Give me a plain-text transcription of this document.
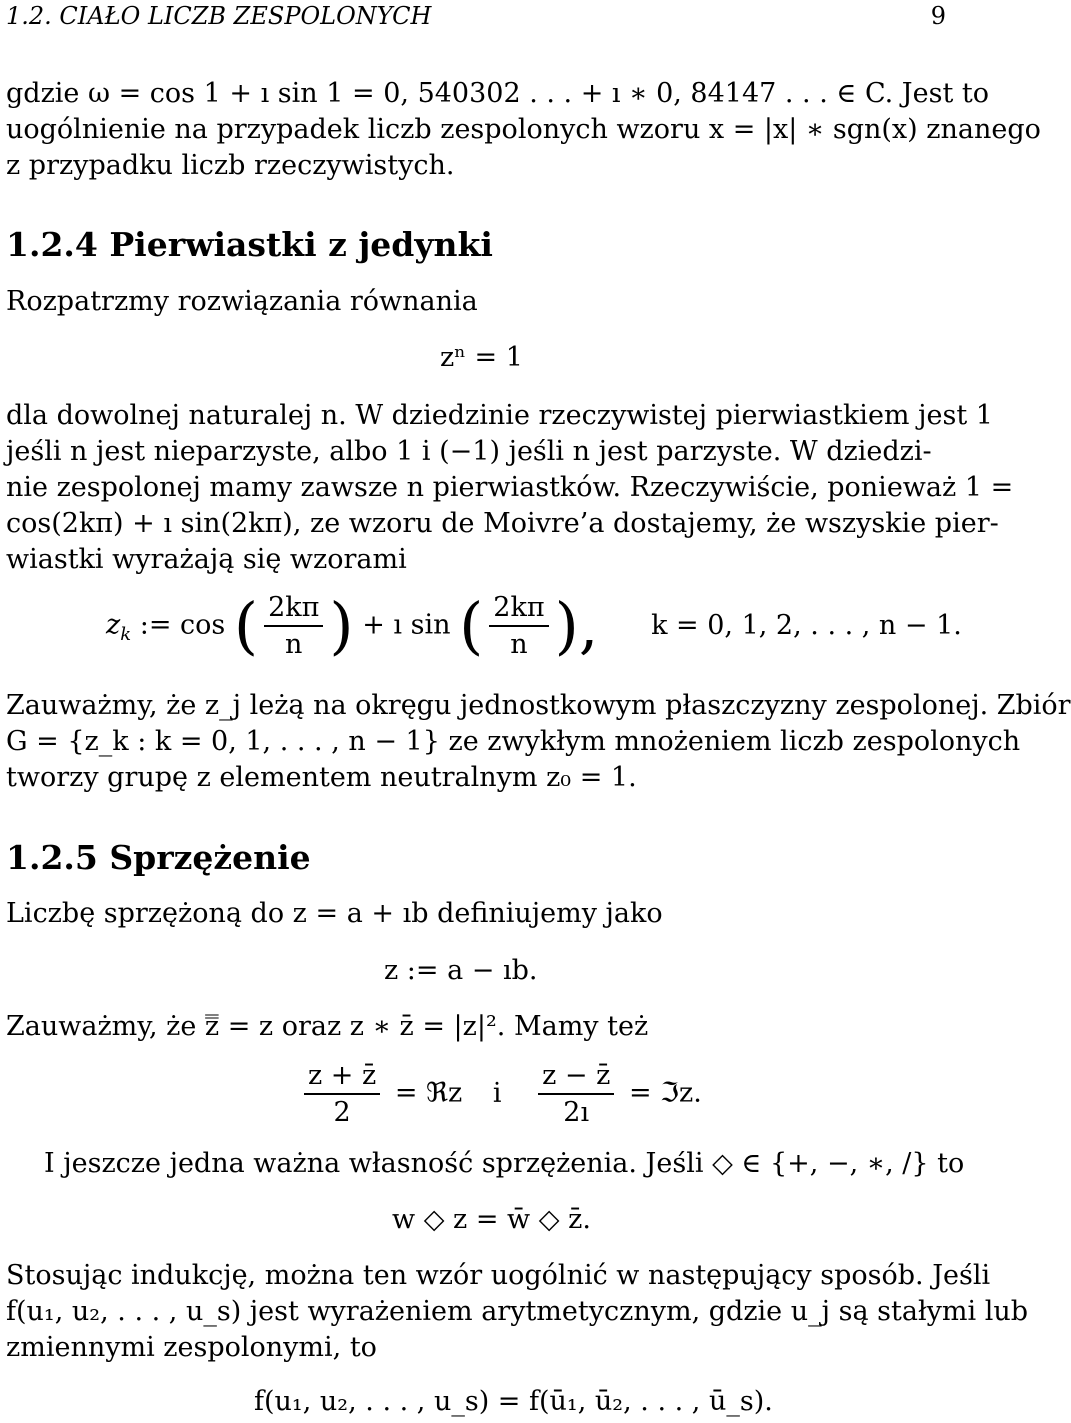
1.2. CIAŁO LICZB ZESPOLONYCH	9
gdzie ω = cos 1 + ı sin 1 = 0, 540302 . . . + ı ∗ 0, 84147 . . . ∈ C. Jest to
uogólnienie na przypadek liczb zespolonych wzoru x = |x| ∗ sgn(x) znanego
z przypadku liczb rzeczywistych.
1.2.4 Pierwiastki z jedynki
Rozpatrzmy rozwiązania równania
zⁿ = 1
dla dowolnej naturalej n. W dziedzinie rzeczywistej pierwiastkiem jest 1
jeśli n jest nieparzyste, albo 1 i (−1) jeśli n jest parzyste. W dziedzi-
nie zespolonej mamy zawsze n pierwiastków. Rzeczywiście, ponieważ 1 =
cos(2kπ) + ı sin(2kπ), ze wzoru de Moivre’a dostajemy, że wszyskie pier-
wiastki wyrażają się wzorami
$z_k$ := cos ( $\frac{2k\pi}{n}$ ) + ı sin ( $\frac{2k\pi}{n}$ ), k = 0, 1, 2, . . . , n − 1.
Zauważmy, że z_j leżą na okręgu jednostkowym płaszczyzny zespolonej. Zbiór
G = {z_k : k = 0, 1, . . . , n − 1} ze zwykłym mnożeniem liczb zespolonych
tworzy grupę z elementem neutralnym z₀ = 1.
1.2.5 Sprzężenie
Liczbę sprzężoną do z = a + ıb definiujemy jako
z := a − ıb.
Zauważmy, że z̿ = z oraz z ∗ z̄ = |z|². Mamy też
$\frac{z + z̄}{2}$ = ℜz i $\frac{z - z̄}{2ı}$ = ℑz.
I jeszcze jedna ważna własność sprzężenia. Jeśli ◇ ∈ {+, −, ∗, /} to
w ◇ z = w̄ ◇ z̄.
Stosując indukcję, można ten wzór uogólnić w następujący sposób. Jeśli
f(u₁, u₂, . . . , u_s) jest wyrażeniem arytmetycznym, gdzie u_j są stałymi lub
zmiennymi zespolonymi, to
f(u₁, u₂, . . . , u_s) = f(ū₁, ū₂, . . . , ū_s).
